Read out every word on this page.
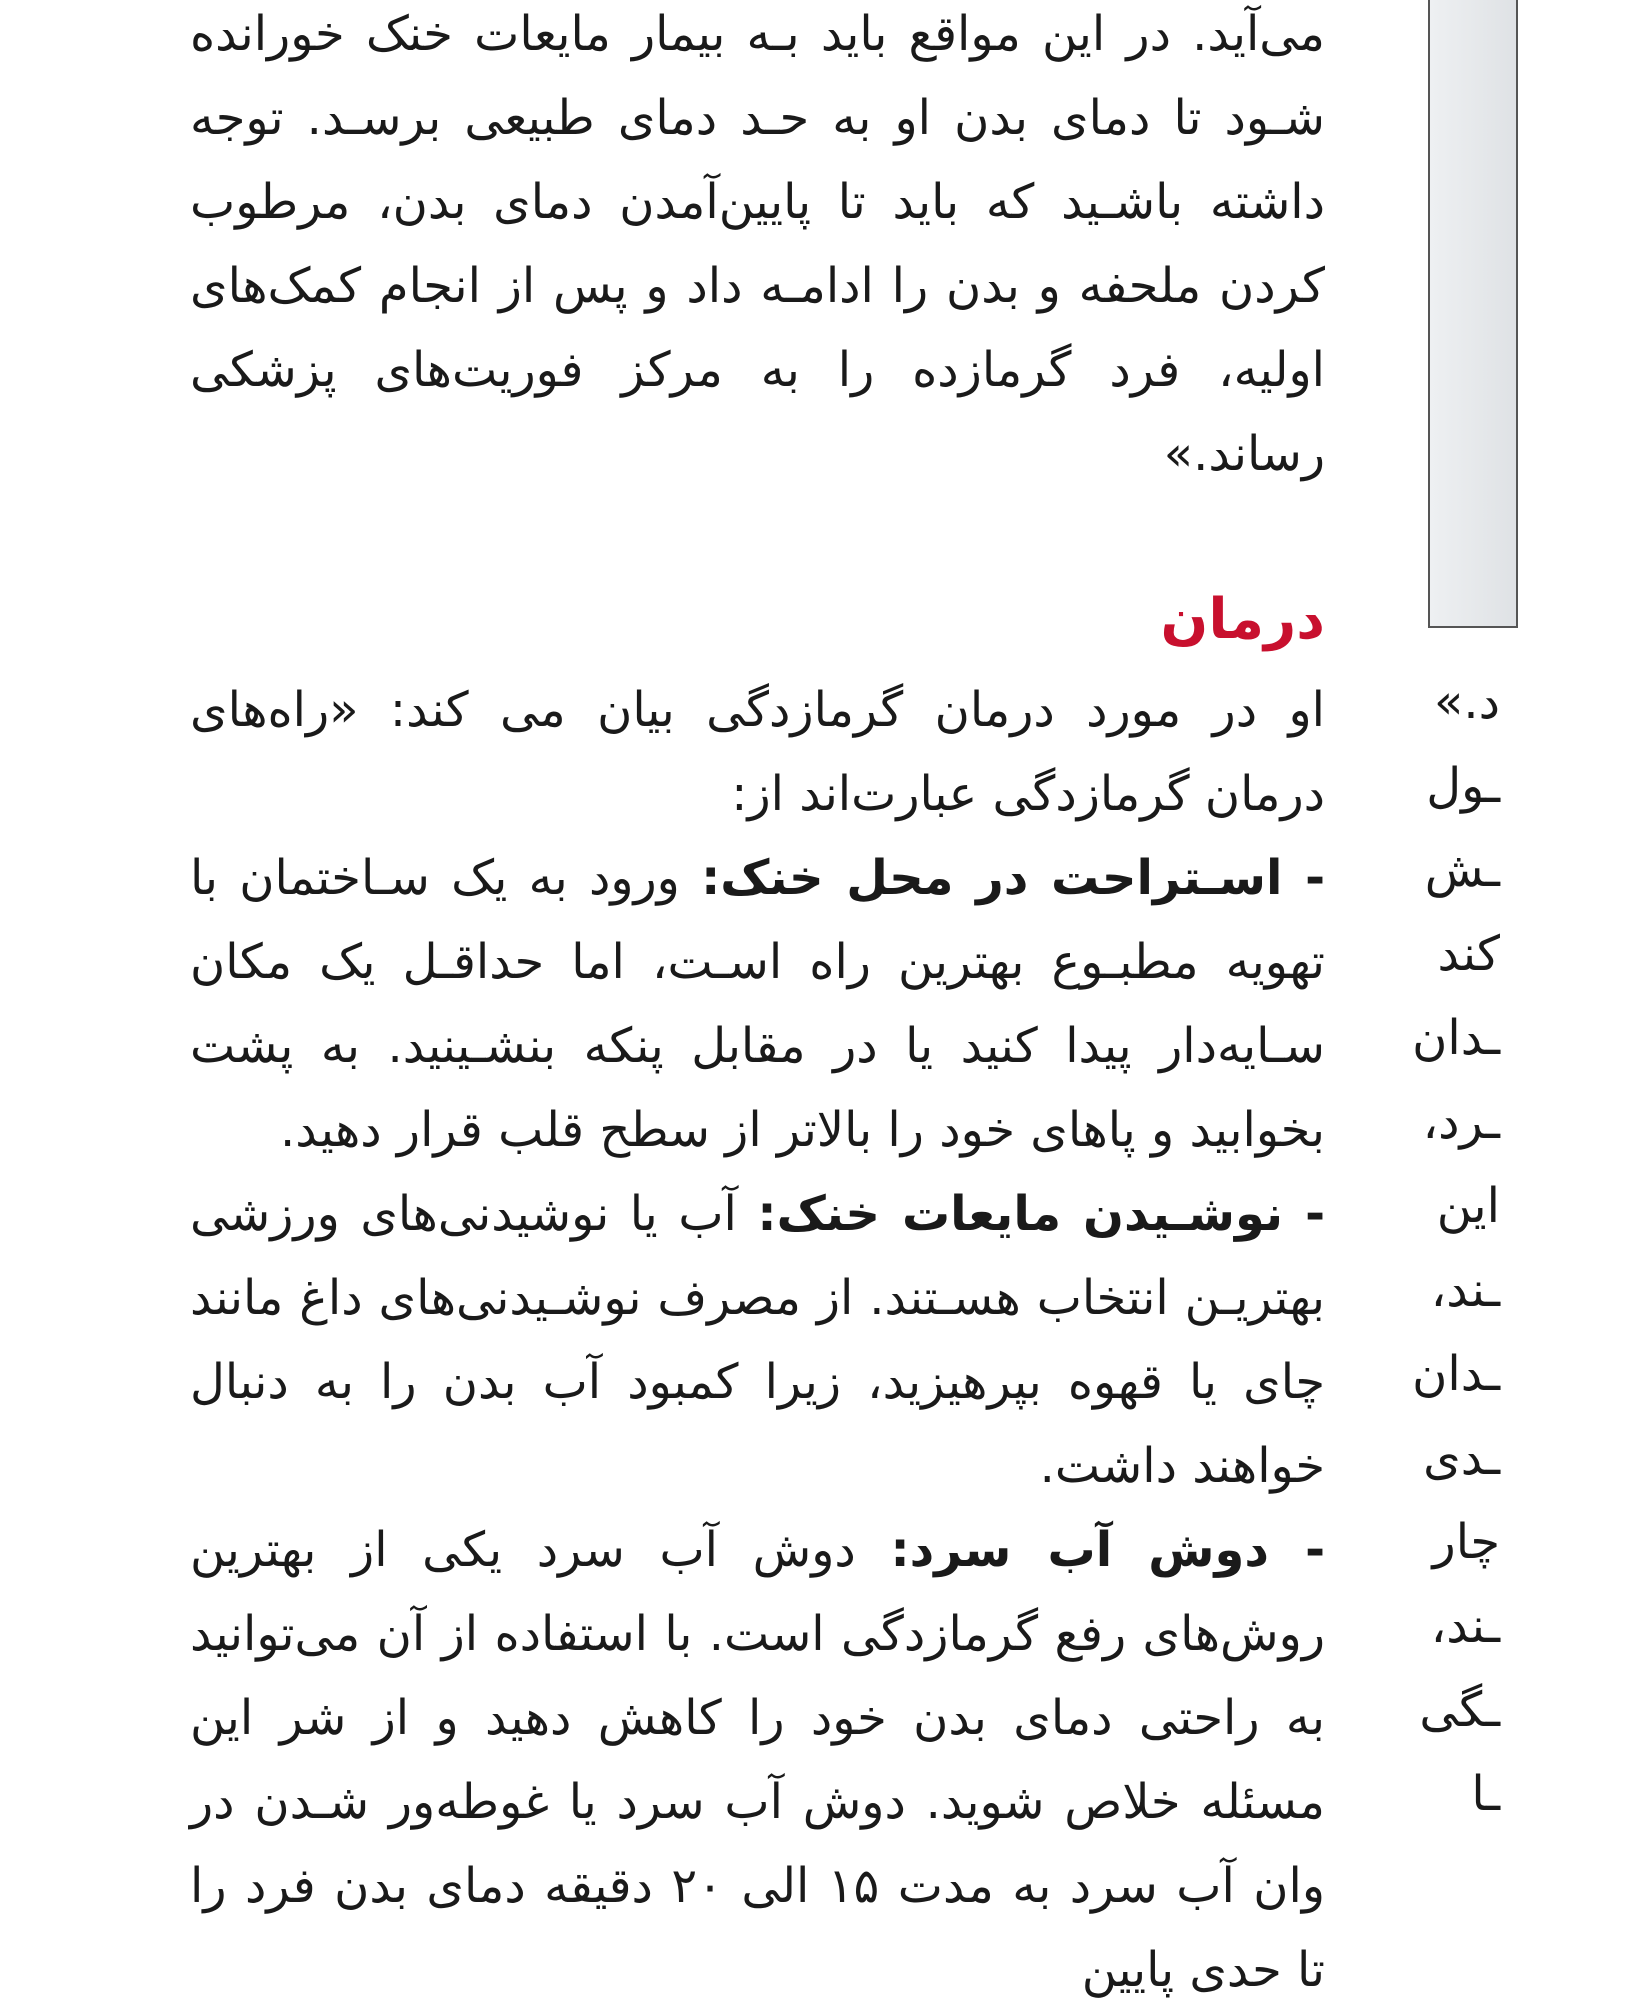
می‌آید. در این مواقع باید بـه بیمار مایعات خنک خورانده شـود تا دمای بدن او به حـد دمای طبیعی برسـد. توجه داشته باشـید که باید تا پایین‌آمدن دمای بدن، مرطوب کردن ملحفه و بدن را ادامـه داد و پس از انجام کمک‌های اولیه، فرد گرمازده را به مرکز فوریت‌های پزشکی رساند.»

درمان

او در مورد درمان گرمازدگی بیان می کند: «راه‌های درمان گرمازدگی عبارت‌اند از:

- اسـتراحت در محل خنک: ورود به یک سـاختمان با تهویه مطبـوع بهترین راه اسـت، اما حداقـل یک مکان سـایه‌دار پیدا کنید یا در مقابل پنکه بنشـینید. به پشت بخوابید و پاهای خود را بالاتر از سطح قلب قرار دهید.

- نوشـیدن مایعات خنک: آب یا نوشیدنی‌های ورزشی بهتریـن انتخاب هسـتند. از مصرف نوشـیدنی‌های داغ مانند چای یا قهوه بپرهیزید، زیرا کمبود آب بدن را به دنبال خواهند داشت.

- دوش آب سرد: دوش آب سرد یکی از بهترین روش‌های رفع گرمازدگی است. با استفاده از آن می‌توانید به راحتی دمای بدن خود را کاهش دهید و از شر این مسئله خلاص شوید. دوش آب سرد یا غوطه‌ور شـدن در وان آب سرد به مدت ۱۵ الی ۲۰ دقیقه دمای بدن فرد را تا حدی پایین

د.»

ـول

ـش

کند

ـدان

ـرد،

این

ـند،

ـدان

ـدی

چار

ـند،

ـگی

ـا
